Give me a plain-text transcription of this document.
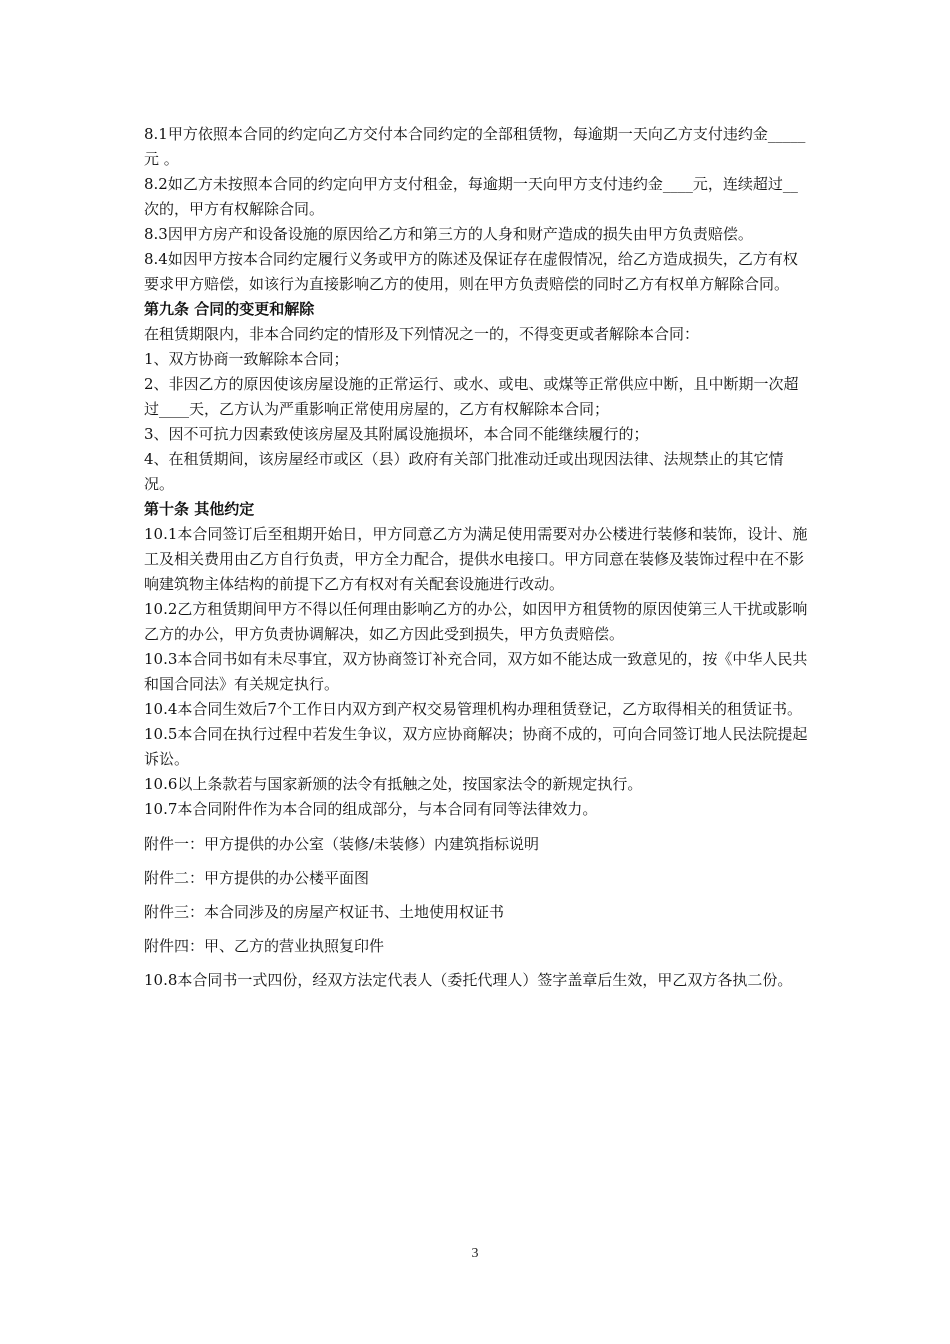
8.1甲方依照本合同的约定向乙方交付本合同约定的全部租赁物，每逾期一天向乙方支付违约金_____元 。

8.2如乙方未按照本合同的约定向甲方支付租金，每逾期一天向甲方支付违约金____元，连续超过__次的，甲方有权解除合同。

8.3因甲方房产和设备设施的原因给乙方和第三方的人身和财产造成的损失由甲方负责赔偿。

8.4如因甲方按本合同约定履行义务或甲方的陈述及保证存在虚假情况，给乙方造成损失，乙方有权要求甲方赔偿，如该行为直接影响乙方的使用，则在甲方负责赔偿的同时乙方有权单方解除合同。

第九条 合同的变更和解除

在租赁期限内，非本合同约定的情形及下列情况之一的，不得变更或者解除本合同：

1、双方协商一致解除本合同；

2、非因乙方的原因使该房屋设施的正常运行、或水、或电、或煤等正常供应中断，且中断期一次超过____天，乙方认为严重影响正常使用房屋的，乙方有权解除本合同；

3、因不可抗力因素致使该房屋及其附属设施损坏，本合同不能继续履行的；

4、在租赁期间，该房屋经市或区（县）政府有关部门批准动迁或出现因法律、法规禁止的其它情况。

第十条 其他约定

10.1本合同签订后至租期开始日，甲方同意乙方为满足使用需要对办公楼进行装修和装饰，设计、施工及相关费用由乙方自行负责，甲方全力配合，提供水电接口。甲方同意在装修及装饰过程中在不影响建筑物主体结构的前提下乙方有权对有关配套设施进行改动。

10.2乙方租赁期间甲方不得以任何理由影响乙方的办公，如因甲方租赁物的原因使第三人干扰或影响乙方的办公，甲方负责协调解决，如乙方因此受到损失，甲方负责赔偿。

10.3本合同书如有未尽事宜，双方协商签订补充合同，双方如不能达成一致意见的，按《中华人民共和国合同法》有关规定执行。

10.4本合同生效后7个工作日内双方到产权交易管理机构办理租赁登记，乙方取得相关的租赁证书。

10.5本合同在执行过程中若发生争议，双方应协商解决；协商不成的，可向合同签订地人民法院提起诉讼。

10.6以上条款若与国家新颁的法令有抵触之处，按国家法令的新规定执行。

10.7本合同附件作为本合同的组成部分，与本合同有同等法律效力。

附件一：甲方提供的办公室（装修/未装修）内建筑指标说明

附件二：甲方提供的办公楼平面图

附件三：本合同涉及的房屋产权证书、土地使用权证书

附件四：甲、乙方的营业执照复印件

10.8本合同书一式四份，经双方法定代表人（委托代理人）签字盖章后生效，甲乙双方各执二份。

3
